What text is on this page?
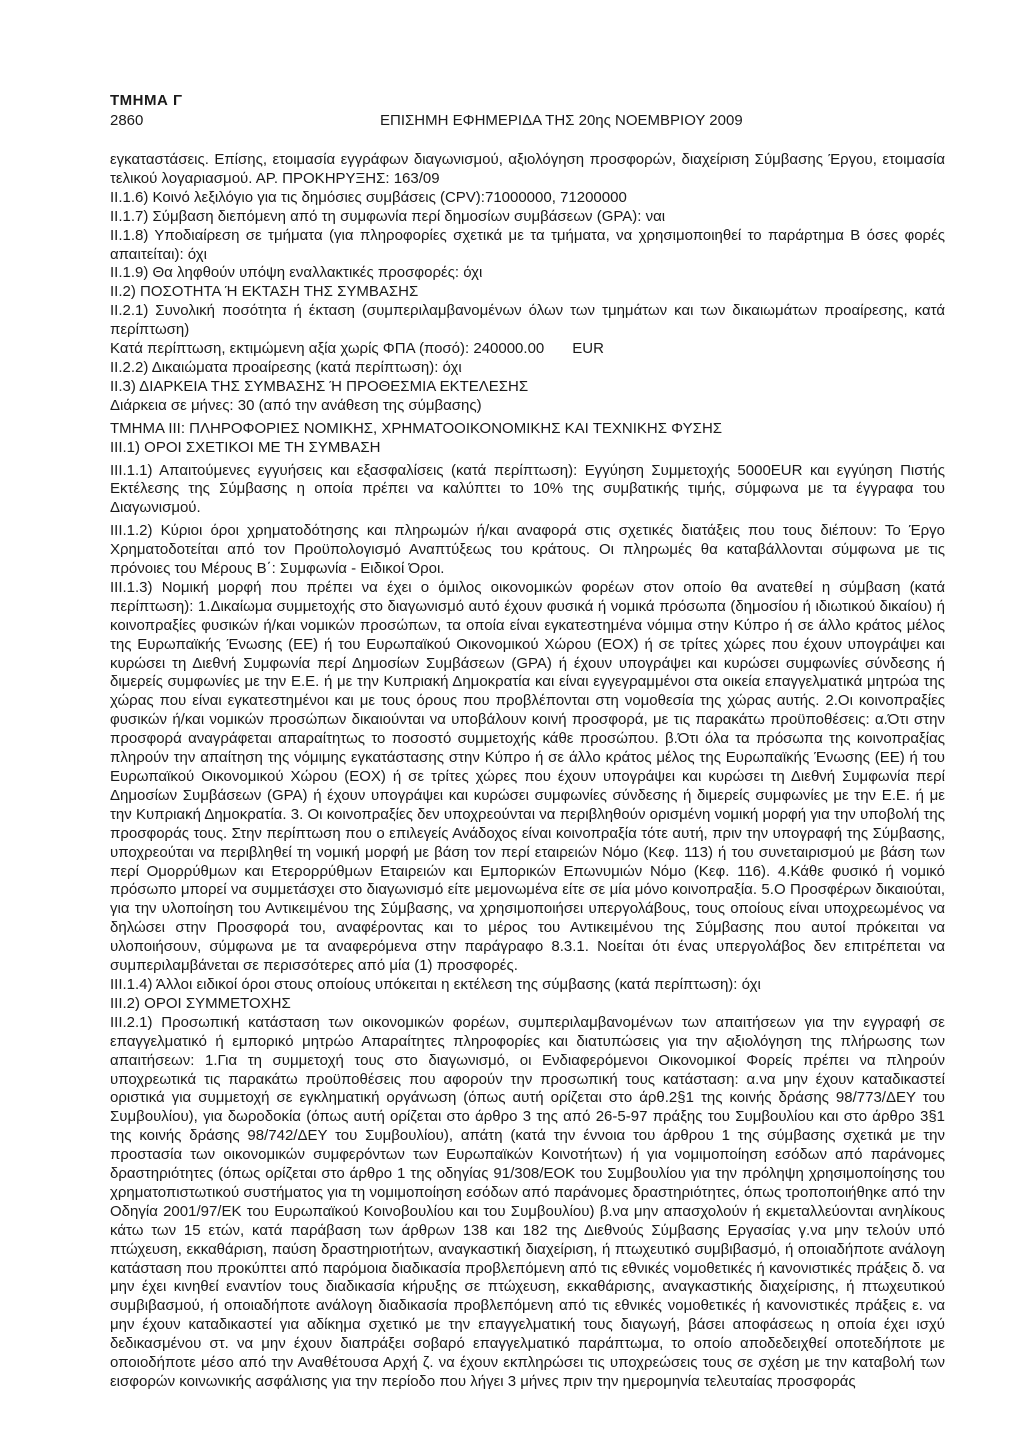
ΤΜΗΜΑ Γ
2860	ΕΠΙΣΗΜΗ ΕΦΗΜΕΡΙΔΑ ΤΗΣ 20ης ΝΟΕΜΒΡΙΟΥ 2009

εγκαταστάσεις. Επίσης, ετοιμασία εγγράφων διαγωνισμού, αξιολόγηση προσφορών, διαχείριση Σύμβασης Έργου, ετοιμασία τελικού λογαριασμού. ΑΡ. ΠΡΟΚΗΡΥΞΗΣ: 163/09

ΙΙ.1.6) Κοινό λεξιλόγιο για τις δημόσιες συμβάσεις (CPV):71000000, 71200000

ΙΙ.1.7) Σύμβαση διεπόμενη από τη συμφωνία περί δημοσίων συμβάσεων (GPA): ναι

ΙΙ.1.8) Υποδιαίρεση σε τμήματα (για πληροφορίες σχετικά με τα τμήματα, να χρησιμοποιηθεί το παράρτημα Β όσες φορές απαιτείται): όχι

ΙΙ.1.9) Θα ληφθούν υπόψη εναλλακτικές προσφορές: όχι

ΙΙ.2) ΠΟΣΟΤΗΤΑ Ή ΕΚΤΑΣΗ ΤΗΣ ΣΥΜΒΑΣΗΣ

ΙΙ.2.1) Συνολική ποσότητα ή έκταση (συμπεριλαμβανομένων όλων των τμημάτων και των δικαιωμάτων προαίρεσης, κατά περίπτωση)

Κατά περίπτωση, εκτιμώμενη αξία χωρίς ΦΠΑ (ποσό): 240000.00 EUR

ΙΙ.2.2) Δικαιώματα προαίρεσης (κατά περίπτωση): όχι

ΙΙ.3) ΔΙΑΡΚΕΙΑ ΤΗΣ ΣΥΜΒΑΣΗΣ Ή ΠΡΟΘΕΣΜΙΑ ΕΚΤΕΛΕΣΗΣ

Διάρκεια σε μήνες: 30 (από την ανάθεση της σύμβασης)

ΤΜΗΜΑ ΙΙΙ: ΠΛΗΡΟΦΟΡΙΕΣ ΝΟΜΙΚΗΣ, ΧΡΗΜΑΤΟΟΙΚΟΝΟΜΙΚΗΣ ΚΑΙ ΤΕΧΝΙΚΗΣ ΦΥΣΗΣ

ΙΙΙ.1) ΟΡΟΙ ΣΧΕΤΙΚΟΙ ΜΕ ΤΗ ΣΥΜΒΑΣΗ

ΙΙΙ.1.1) Απαιτούμενες εγγυήσεις και εξασφαλίσεις (κατά περίπτωση): Εγγύηση Συμμετοχής 5000EUR και εγγύηση Πιστής Εκτέλεσης της Σύμβασης η οποία πρέπει να καλύπτει το 10% της συμβατικής τιμής, σύμφωνα με τα έγγραφα του Διαγωνισμού.

ΙΙΙ.1.2) Κύριοι όροι χρηματοδότησης και πληρωμών ή/και αναφορά στις σχετικές διατάξεις που τους διέπουν: Το Έργο Χρηματοδοτείται από τον Προϋπολογισμό Αναπτύξεως του κράτους. Οι πληρωμές θα καταβάλλονται σύμφωνα με τις πρόνοιες του Μέρους Β΄: Συμφωνία - Ειδικοί Όροι.

ΙΙΙ.1.3) Νομική μορφή που πρέπει να έχει ο όμιλος οικονομικών φορέων στον οποίο θα ανατεθεί η σύμβαση (κατά περίπτωση): 1.Δικαίωμα συμμετοχής στο διαγωνισμό αυτό έχουν φυσικά ή νομικά πρόσωπα (δημοσίου ή ιδιωτικού δικαίου) ή κοινοπραξίες φυσικών ή/και νομικών προσώπων, τα οποία είναι εγκατεστημένα νόμιμα στην Κύπρο ή σε άλλο κράτος μέλος της Ευρωπαϊκής Ένωσης (ΕΕ) ή του Ευρωπαϊκού Οικονομικού Χώρου (ΕΟΧ) ή σε τρίτες χώρες που έχουν υπογράψει και κυρώσει τη Διεθνή Συμφωνία περί Δημοσίων Συμβάσεων (GPA) ή έχουν υπογράψει και κυρώσει συμφωνίες σύνδεσης ή διμερείς συμφωνίες με την Ε.Ε. ή με την Κυπριακή Δημοκρατία και είναι εγγεγραμμένοι στα οικεία επαγγελματικά μητρώα της χώρας που είναι εγκατεστημένοι και με τους όρους που προβλέπονται στη νομοθεσία της χώρας αυτής. 2.Οι κοινοπραξίες φυσικών ή/και νομικών προσώπων δικαιούνται να υποβάλουν κοινή προσφορά, με τις παρακάτω προϋποθέσεις: α.Ότι στην προσφορά αναγράφεται απαραίτητως το ποσοστό συμμετοχής κάθε προσώπου. β.Ότι όλα τα πρόσωπα της κοινοπραξίας πληρούν την απαίτηση της νόμιμης εγκατάστασης στην Κύπρο ή σε άλλο κράτος μέλος της Ευρωπαϊκής Ένωσης (ΕΕ) ή του Ευρωπαϊκού Οικονομικού Χώρου (ΕΟΧ) ή σε τρίτες χώρες που έχουν υπογράψει και κυρώσει τη Διεθνή Συμφωνία περί Δημοσίων Συμβάσεων (GPA) ή έχουν υπογράψει και κυρώσει συμφωνίες σύνδεσης ή διμερείς συμφωνίες με την Ε.Ε. ή με την Κυπριακή Δημοκρατία. 3. Οι κοινοπραξίες δεν υποχρεούνται να περιβληθούν ορισμένη νομική μορφή για την υποβολή της προσφοράς τους. Στην περίπτωση που ο επιλεγείς Ανάδοχος είναι κοινοπραξία τότε αυτή, πριν την υπογραφή της Σύμβασης, υποχρεούται να περιβληθεί τη νομική μορφή με βάση τον περί εταιρειών Νόμο (Κεφ. 113) ή του συνεταιρισμού με βάση των περί Ομορρύθμων και Ετερορρύθμων Εταιρειών και Εμπορικών Επωνυμιών Νόμο (Κεφ. 116). 4.Κάθε φυσικό ή νομικό πρόσωπο μπορεί να συμμετάσχει στο διαγωνισμό είτε μεμονωμένα είτε σε μία μόνο κοινοπραξία. 5.Ο Προσφέρων δικαιούται, για την υλοποίηση του Αντικειμένου της Σύμβασης, να χρησιμοποιήσει υπεργολάβους, τους οποίους είναι υποχρεωμένος να δηλώσει στην Προσφορά του, αναφέροντας και το μέρος του Αντικειμένου της Σύμβασης που αυτοί πρόκειται να υλοποιήσουν, σύμφωνα με τα αναφερόμενα στην παράγραφο 8.3.1. Νοείται ότι ένας υπεργολάβος δεν επιτρέπεται να συμπεριλαμβάνεται σε περισσότερες από μία (1) προσφορές.

ΙΙΙ.1.4) Άλλοι ειδικοί όροι στους οποίους υπόκειται η εκτέλεση της σύμβασης (κατά περίπτωση): όχι

ΙΙΙ.2) ΟΡΟΙ ΣΥΜΜΕΤΟΧΗΣ

ΙΙΙ.2.1) Προσωπική κατάσταση των οικονομικών φορέων, συμπεριλαμβανομένων των απαιτήσεων για την εγγραφή σε επαγγελματικό ή εμπορικό μητρώο Απαραίτητες πληροφορίες και διατυπώσεις για την αξιολόγηση της πλήρωσης των απαιτήσεων: 1.Για τη συμμετοχή τους στο διαγωνισμό, οι Ενδιαφερόμενοι Οικονομικοί Φορείς πρέπει να πληρούν υποχρεωτικά τις παρακάτω προϋποθέσεις που αφορούν την προσωπική τους κατάσταση: α.να μην έχουν καταδικαστεί οριστικά για συμμετοχή σε εγκληματική οργάνωση (όπως αυτή ορίζεται στο άρθ.2§1 της κοινής δράσης 98/773/ΔΕΥ του Συμβουλίου), για δωροδοκία (όπως αυτή ορίζεται στο άρθρο 3 της από 26-5-97 πράξης του Συμβουλίου και στο άρθρο 3§1 της κοινής δράσης 98/742/ΔΕΥ του Συμβουλίου), απάτη (κατά την έννοια του άρθρου 1 της σύμβασης σχετικά με την προστασία των οικονομικών συμφερόντων των Ευρωπαϊκών Κοινοτήτων) ή για νομιμοποίηση εσόδων από παράνομες δραστηριότητες (όπως ορίζεται στο άρθρο 1 της οδηγίας 91/308/ΕΟΚ του Συμβουλίου για την πρόληψη χρησιμοποίησης του χρηματοπιστωτικού συστήματος για τη νομιμοποίηση εσόδων από παράνομες δραστηριότητες, όπως τροποποιήθηκε από την Οδηγία 2001/97/ΕΚ του Ευρωπαϊκού Κοινοβουλίου και του Συμβουλίου) β.να μην απασχολούν ή εκμεταλλεύονται ανηλίκους κάτω των 15 ετών, κατά παράβαση των άρθρων 138 και 182 της Διεθνούς Σύμβασης Εργασίας γ.να μην τελούν υπό πτώχευση, εκκαθάριση, παύση δραστηριοτήτων, αναγκαστική διαχείριση, ή πτωχευτικό συμβιβασμό, ή οποιαδήποτε ανάλογη κατάσταση που προκύπτει από παρόμοια διαδικασία προβλεπόμενη από τις εθνικές νομοθετικές ή κανονιστικές πράξεις δ. να μην έχει κινηθεί εναντίον τους διαδικασία κήρυξης σε πτώχευση, εκκαθάρισης, αναγκαστικής διαχείρισης, ή πτωχευτικού συμβιβασμού, ή οποιαδήποτε ανάλογη διαδικασία προβλεπόμενη από τις εθνικές νομοθετικές ή κανονιστικές πράξεις ε. να μην έχουν καταδικαστεί για αδίκημα σχετικό με την επαγγελματική τους διαγωγή, βάσει αποφάσεως η οποία έχει ισχύ δεδικασμένου στ. να μην έχουν διαπράξει σοβαρό επαγγελματικό παράπτωμα, το οποίο αποδεδειχθεί οποτεδήποτε με οποιοδήποτε μέσο από την Αναθέτουσα Αρχή ζ. να έχουν εκπληρώσει τις υποχρεώσεις τους σε σχέση με την καταβολή των εισφορών κοινωνικής ασφάλισης για την περίοδο που λήγει 3 μήνες πριν την ημερομηνία τελευταίας προσφοράς
